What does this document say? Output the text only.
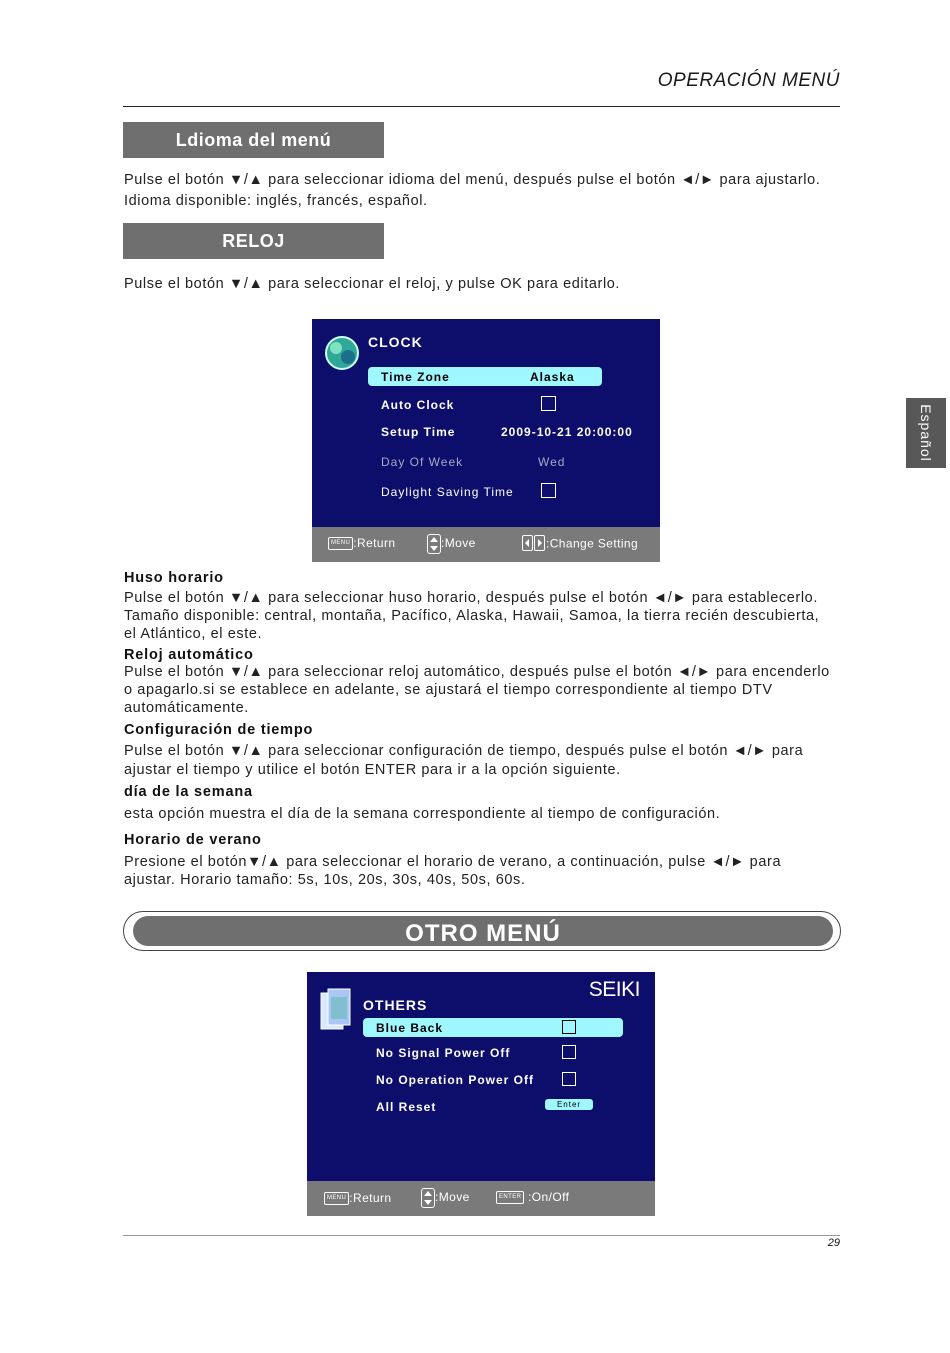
OPERACIÓN MENÚ
Español
Ldioma del menú
Pulse el botón ▼/▲ para seleccionar idioma del menú, después pulse el botón ◄/► para ajustarlo.
Idioma disponible: inglés, francés, español.
RELOJ
Pulse el botón ▼/▲ para seleccionar el reloj, y pulse OK para editarlo.
CLOCK
Time Zone	Alaska
Auto Clock
Setup Time	2009-10-21 20:00:00
Day Of Week	Wed
Daylight Saving Time
MENU :Return	:Move	:Change Setting
Huso horario
Pulse el botón ▼/▲ para seleccionar huso horario, después pulse el botón ◄/► para establecerlo.
Tamaño disponible: central, montaña, Pacífico, Alaska, Hawaii, Samoa, la tierra recién descubierta,
el Atlántico, el este.
Reloj automático
Pulse el botón ▼/▲ para seleccionar reloj automático, después pulse el botón ◄/► para encenderlo
o apagarlo.si se establece en adelante, se ajustará el tiempo correspondiente al tiempo DTV
automáticamente.
Configuración de tiempo
Pulse el botón ▼/▲ para seleccionar configuración de tiempo, después pulse el botón ◄/► para
ajustar el tiempo y utilice el botón ENTER para ir a la opción siguiente.
día de la semana
esta opción muestra el día de la semana correspondiente al tiempo de configuración.
Horario de verano
Presione el botón▼/▲ para seleccionar el horario de verano, a continuación, pulse ◄/► para
ajustar. Horario tamaño: 5s, 10s, 20s, 30s, 40s, 50s, 60s.
OTRO MENÚ
SEIKI
OTHERS
Blue Back
No Signal Power Off
No Operation Power Off
All Reset	Enter
MENU :Return	:Move	ENTER :On/Off
29
